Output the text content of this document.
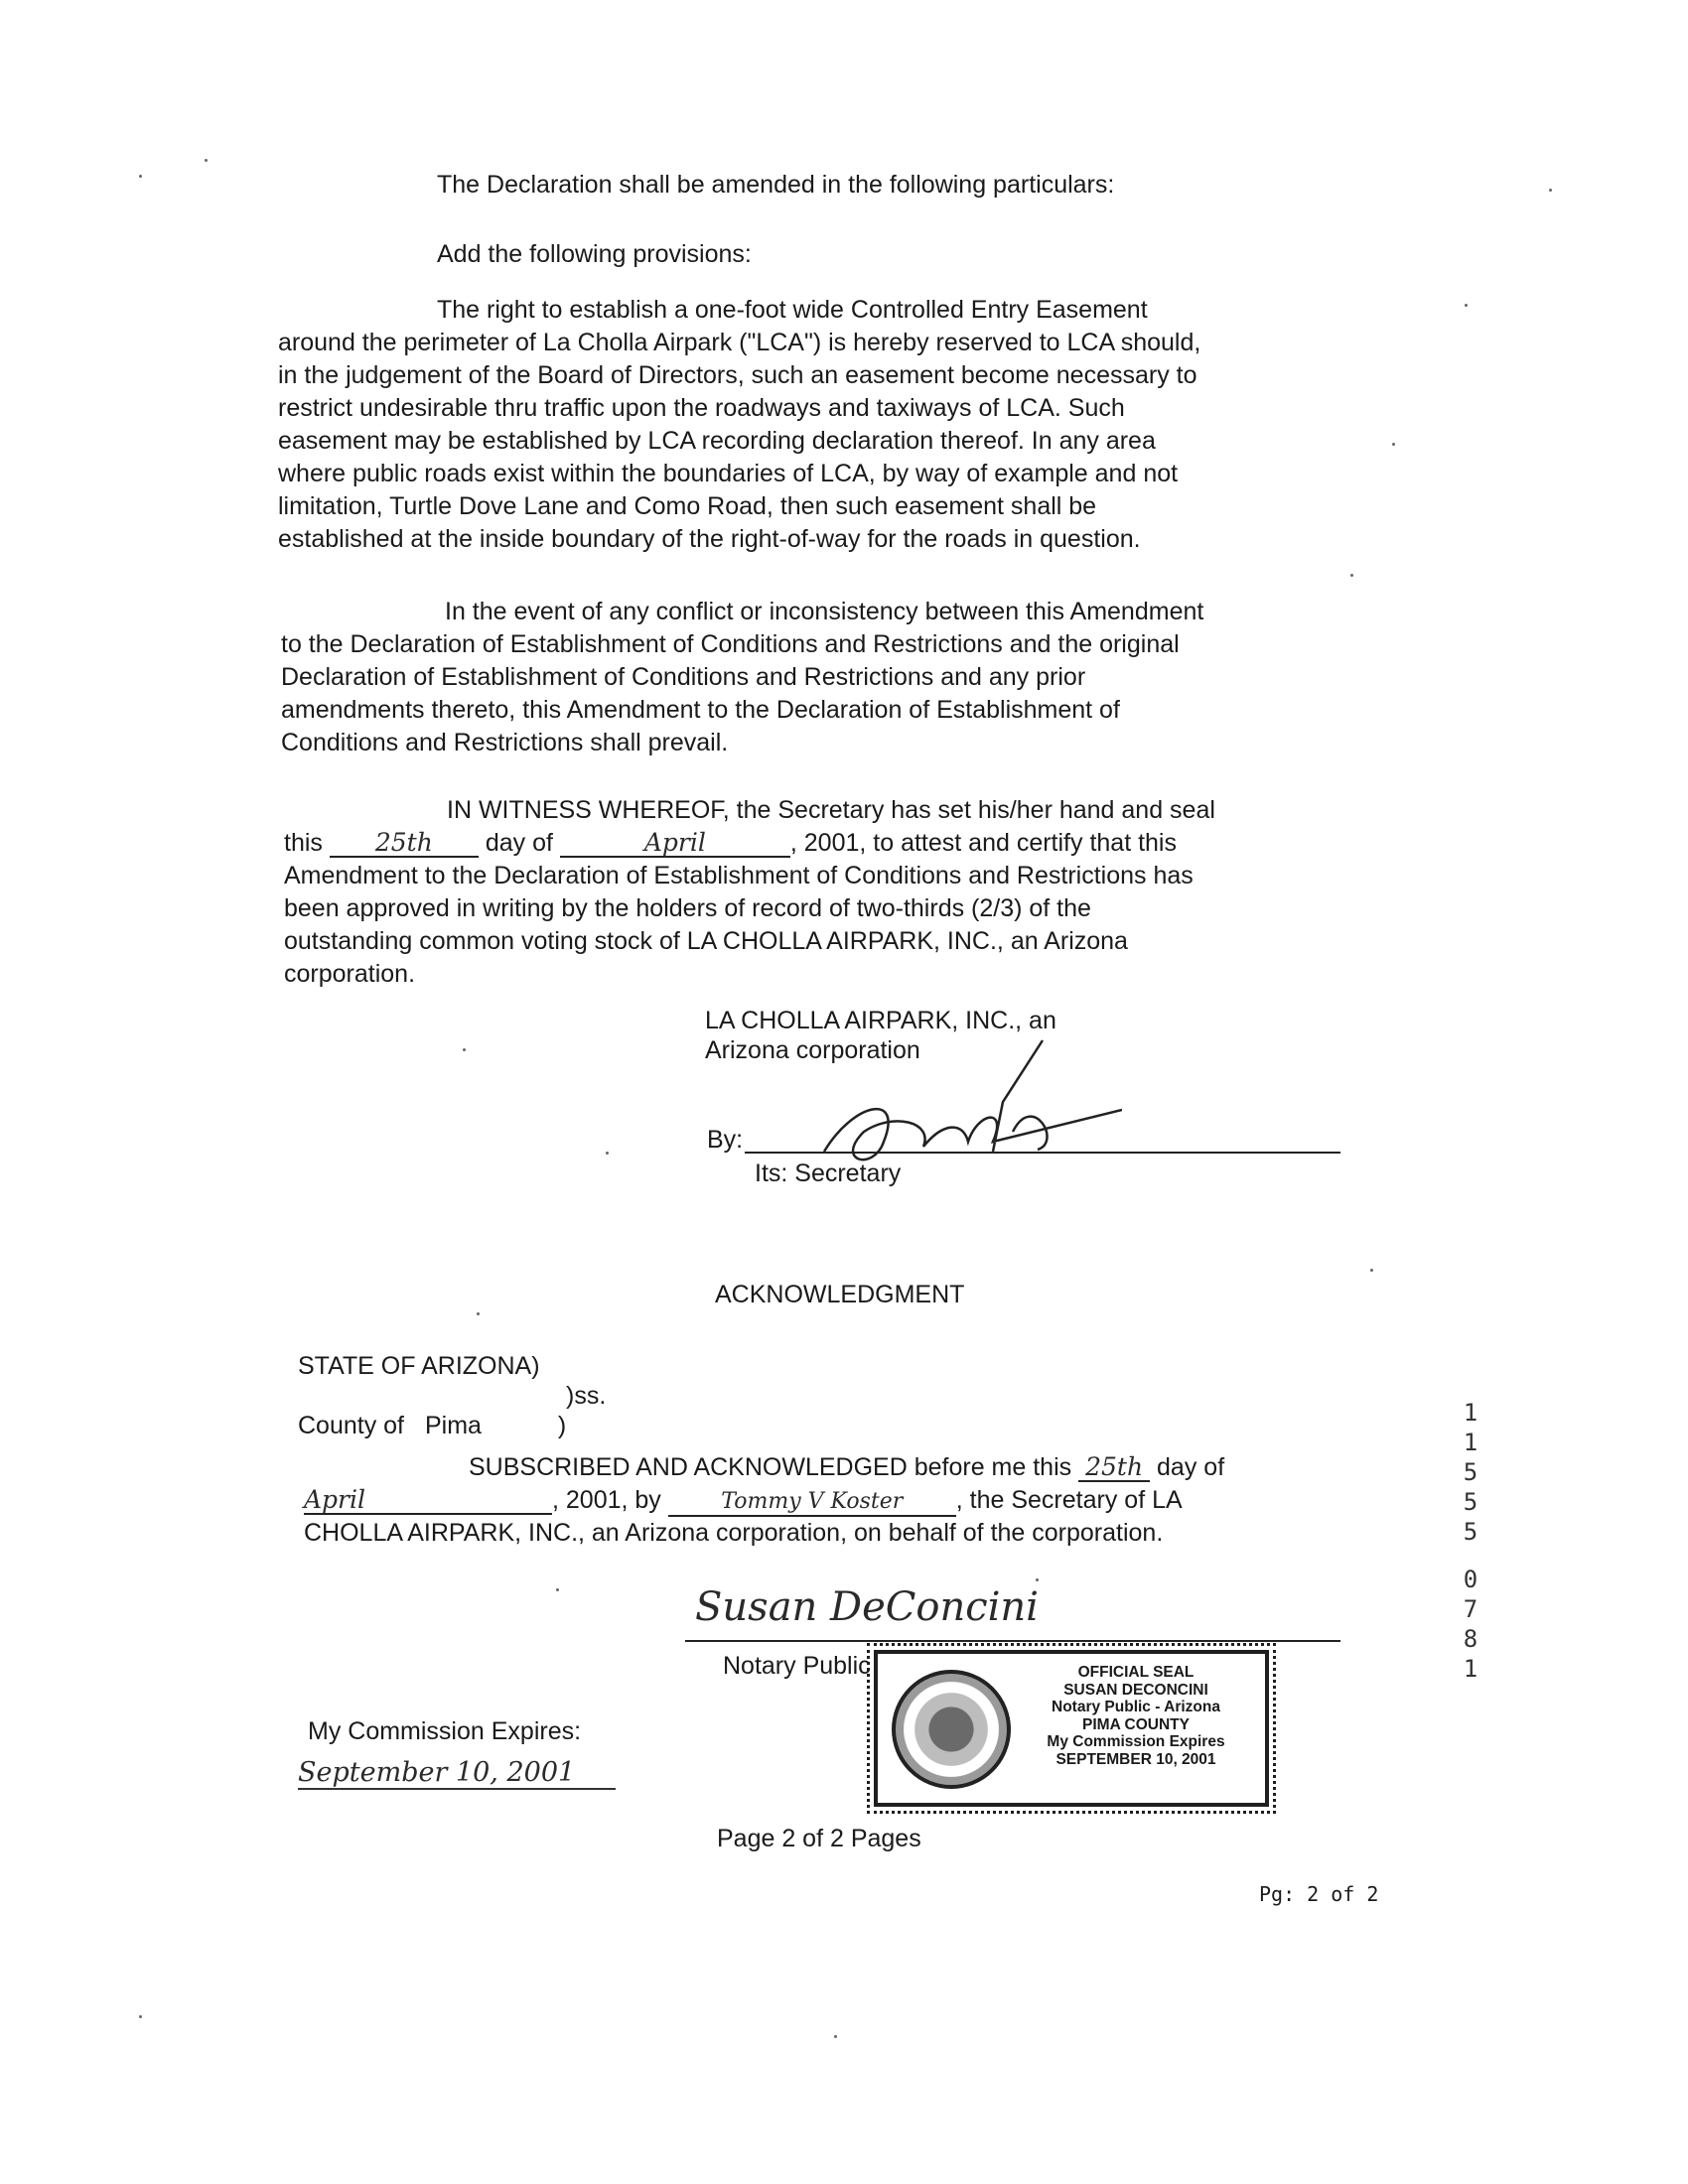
The Declaration shall be amended in the following particulars:
Add the following provisions:
The right to establish a one-foot wide Controlled Entry Easement
around the perimeter of La Cholla Airpark ("LCA") is hereby reserved to LCA should,
in the judgement of the Board of Directors, such an easement become necessary to
restrict undesirable thru traffic upon the roadways and taxiways of LCA. Such
easement may be established by LCA recording declaration thereof. In any area
where public roads exist within the boundaries of LCA, by way of example and not
limitation, Turtle Dove Lane and Como Road, then such easement shall be
established at the inside boundary of the right-of-way for the roads in question.
In the event of any conflict or inconsistency between this Amendment
to the Declaration of Establishment of Conditions and Restrictions and the original
Declaration of Establishment of Conditions and Restrictions and any prior
amendments thereto, this Amendment to the Declaration of Establishment of
Conditions and Restrictions shall prevail.
IN WITNESS WHEREOF, the Secretary has set his/her hand and seal
this 25th day of	April	, 2001, to attest and certify that this
Amendment to the Declaration of Establishment of Conditions and Restrictions has
been approved in writing by the holders of record of two-thirds (2/3) of the
outstanding common voting stock of LA CHOLLA AIRPARK, INC., an Arizona
corporation.
LA CHOLLA AIRPARK, INC., an
Arizona corporation
By:
Its: Secretary
ACKNOWLEDGMENT
STATE OF ARIZONA)
)ss.
County of Pima	)
SUBSCRIBED AND ACKNOWLEDGED before me this 25th day of
April	, 2001, by	Tommy V Koster , the Secretary of LA
CHOLLA AIRPARK, INC., an Arizona corporation, on behalf of the corporation.
Susan DeConcini
Notary Public	OFFICIAL SEAL
SUSAN DECONCINI
Notary Public - Arizona
PIMA COUNTY
My Commission Expires
SEPTEMBER 10, 2001
My Commission Expires:
September 10, 2001
Page 2 of 2 Pages
Pg: 2 of 2
1
1
5
5
5
0
7
8
1
